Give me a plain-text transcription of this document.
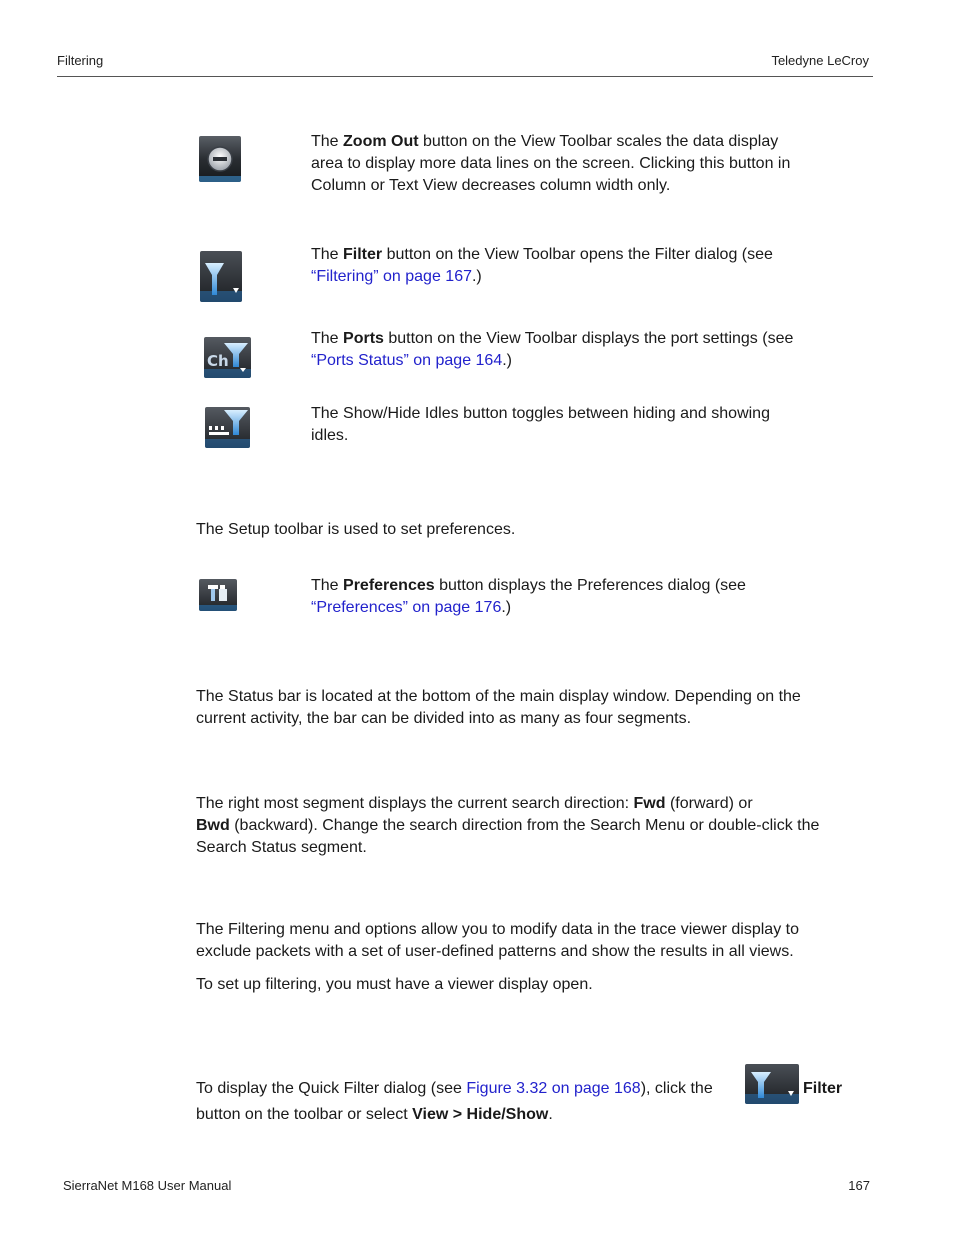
Filtering	Teledyne LeCroy
The Zoom Out button on the View Toolbar scales the data display
area to display more data lines on the screen. Clicking this button in
Column or Text View decreases column width only.
The Filter button on the View Toolbar opens the Filter dialog (see
“Filtering” on page 167.)
Ch
The Ports button on the View Toolbar displays the port settings (see
“Ports Status” on page 164.)
The Show/Hide Idles button toggles between hiding and showing
idles.
The Setup toolbar is used to set preferences.
The Preferences button displays the Preferences dialog (see
“Preferences” on page 176.)
The Status bar is located at the bottom of the main display window. Depending on the
current activity, the bar can be divided into as many as four segments.
The right most segment displays the current search direction: Fwd (forward) or
Bwd (backward). Change the search direction from the Search Menu or double-click the
Search Status segment.
The Filtering menu and options allow you to modify data in the trace viewer display to
exclude packets with a set of user-defined patterns and show the results in all views.
To set up filtering, you must have a viewer display open.
To display the Quick Filter dialog (see Figure 3.32 on page 168), click the	Filter
button on the toolbar or select View > Hide/Show.
SierraNet M168 User Manual	167
